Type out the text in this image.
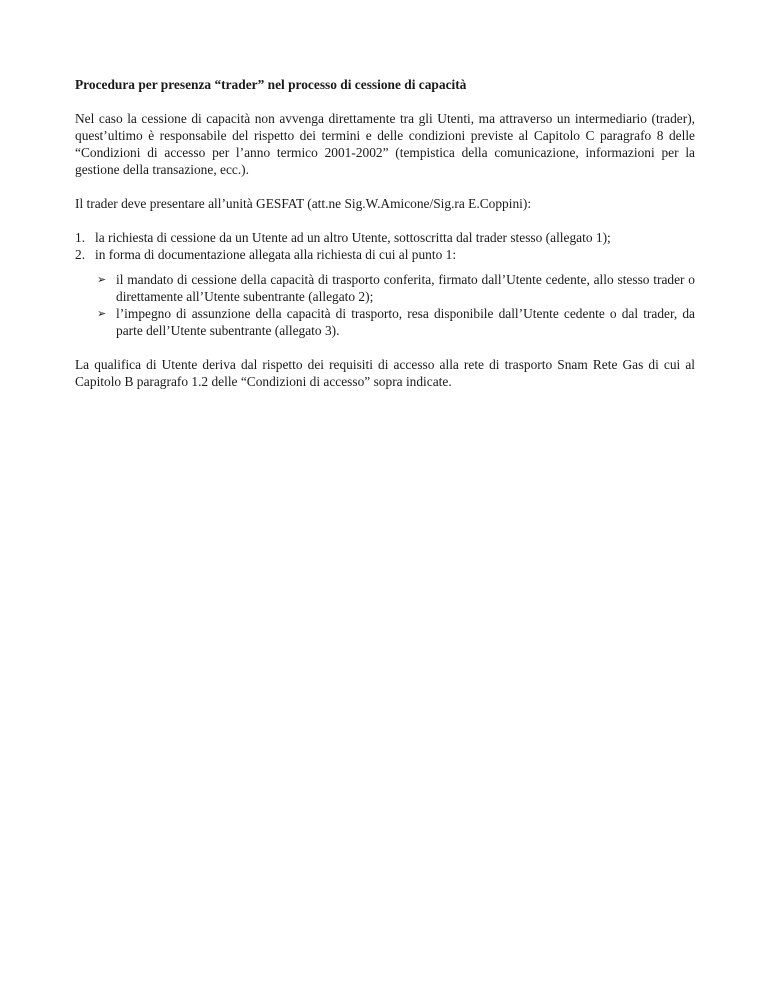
Procedura per presenza “trader” nel processo di cessione di capacità

Nel caso la cessione di capacità non avvenga direttamente tra gli Utenti, ma attraverso un intermediario (trader), quest’ultimo è responsabile del rispetto dei termini e delle condizioni previste al Capitolo C paragrafo 8 delle “Condizioni di accesso per l’anno termico 2001-2002” (tempistica della comunicazione, informazioni per la gestione della transazione, ecc.).

Il trader deve presentare all’unità GESFAT (att.ne Sig.W.Amicone/Sig.ra E.Coppini):

1. la richiesta di cessione da un Utente ad un altro Utente, sottoscritta dal trader stesso (allegato 1);
2. in forma di documentazione allegata alla richiesta di cui al punto 1:
➢ il mandato di cessione della capacità di trasporto conferita, firmato dall’Utente cedente, allo stesso trader o direttamente all’Utente subentrante (allegato 2);
➢ l’impegno di assunzione della capacità di trasporto, resa disponibile dall’Utente cedente o dal trader, da parte dell’Utente subentrante (allegato 3).

La qualifica di Utente deriva dal rispetto dei requisiti di accesso alla rete di trasporto Snam Rete Gas di cui al Capitolo B paragrafo 1.2 delle “Condizioni di accesso” sopra indicate.
